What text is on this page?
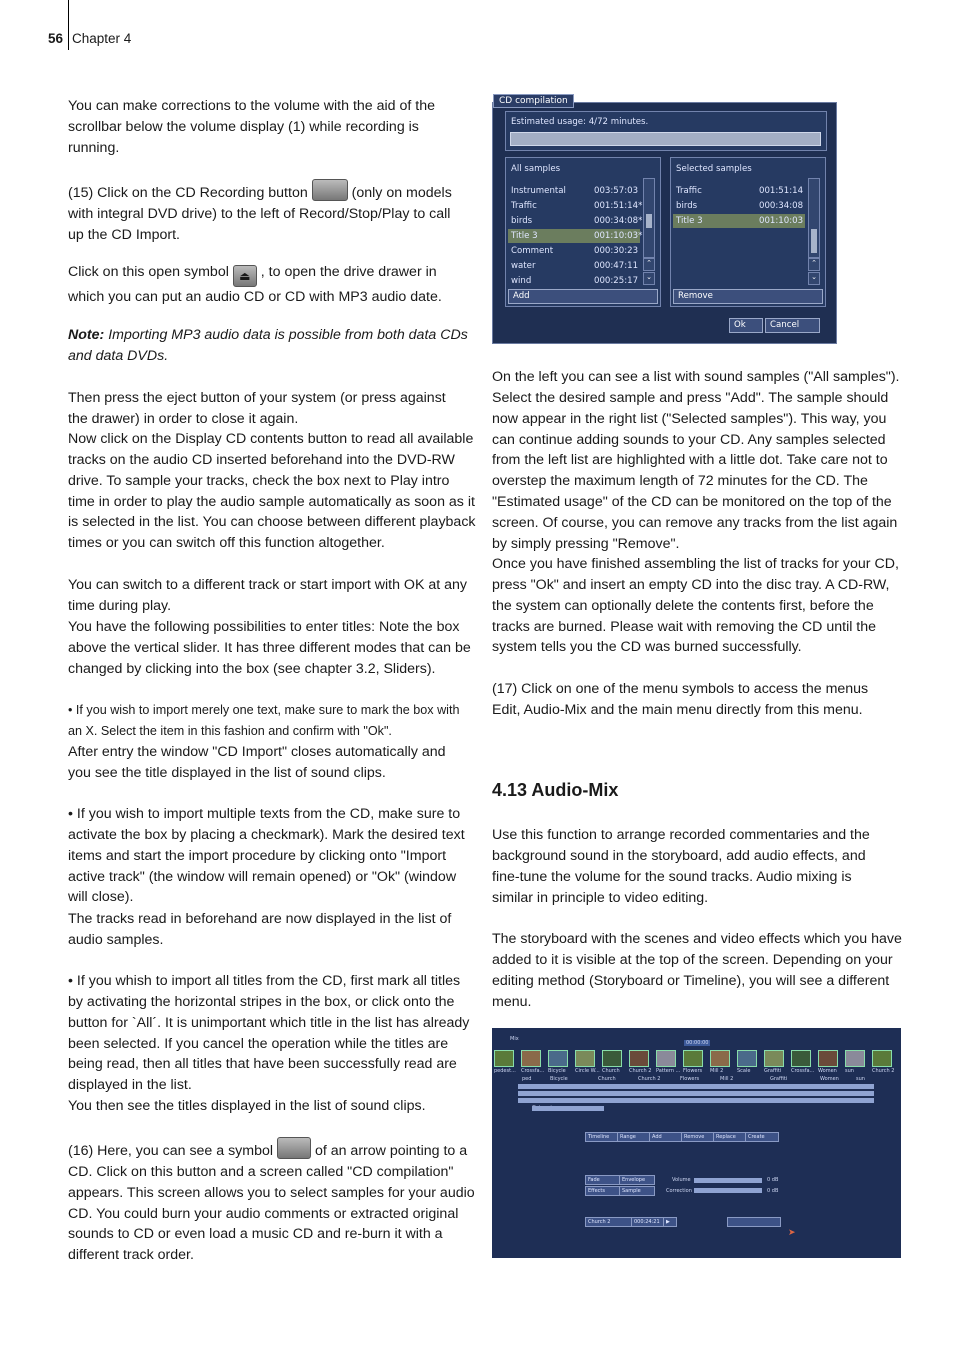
56 Chapter 4

You can make corrections to the volume with the aid of the scrollbar below the volume display (1) while recording is running.

(15) Click on the CD Recording button	(only on models with integral DVD drive) to the left of Record/Stop/Play to call up the CD Import.

Click on this open symbol ⏏ , to open the drive drawer in which you can put an audio CD or CD with MP3 audio date.

Note: Importing MP3 audio data is possible from both data CDs and data DVDs.

Then press the eject button of your system (or press against the drawer) in order to close it again.

Now click on the Display CD contents button to read all available tracks on the audio CD inserted beforehand into the DVD-RW drive. To sample your tracks, check the box next to Play intro time in order to play the audio sample automatically as soon as it is selected in the list. You can choose between different playback times or you can switch off this function altogether.

You can switch to a different track or start import with OK at any time during play.

You have the following possibilities to enter titles: Note the box above the vertical slider. It has three different modes that can be changed by clicking into the box (see chapter 3.2, Sliders).

• If you wish to import merely one text, make sure to mark the box with an X. Select the item in this fashion and confirm with "Ok".

After entry the window "CD Import" closes automatically and you see the title displayed in the list of sound clips.

• If you wish to import multiple texts from the CD, make sure to activate the box by placing a checkmark). Mark the desired text items and start the import procedure by clicking onto "Import active track" (the window will remain opened) or "Ok" (window will close).

The tracks read in beforehand are now displayed in the list of audio samples.

• If you whish to import all titles from the CD, first mark all titles by activating the horizontal stripes in the box, or click onto the button for `All´. It is unimportant which title in the list has already been selected. If you cancel the operation while the titles are being read, then all titles that have been successfully read are displayed in the list.

You then see the titles displayed in the list of sound clips.

(16) Here, you can see a symbol	of an arrow pointing to a CD. Click on this button and a screen called "CD compilation" appears. This screen allows you to select samples for your audio CD. You could burn your audio comments or extracted original sounds to CD or even load a music CD and re-burn it with a different track order.

CD compilation
Estimated usage: 4/72 minutes.
All samples
Instrumental	003:57:03
Traffic	001:51:14*
birds	000:34:08*
Title 3	001:10:03*
Comment	000:30:23
water	000:47:11
wind	000:25:17
⌃
⌄
Add
Selected samples
Traffic	001:51:14
birds	000:34:08
Title 3	001:10:03
⌃
⌄
Remove
Ok	Cancel

On the left you can see a list with sound samples ("All samples"). Select the desired sample and press "Add". The sample should now appear in the right list ("Selected samples"). This way, you can continue adding sounds to your CD. Any samples selected from the left list are highlighted with a little dot. Take care not to overstep the maximum length of 72 minutes for the CD. The "Estimated usage" of the CD can be monitored on the top of the screen. Of course, you can remove any tracks from the list again by simply pressing "Remove".

Once you have finished assembling the list of tracks for your CD, press "Ok" and insert an empty CD into the disc tray. A CD-RW, the system can optionally delete the contents first, before the tracks are burned. Please wait with removing the CD until the system tells you the CD was burned successfully.

(17) Click on one of the menu symbols to access the menus Edit, Audio-Mix and the main menu directly from this menu.

4.13 Audio-Mix

Use this function to arrange recorded commentaries and the background sound in the storyboard, add audio effects, and fine-tune the volume for the sound tracks. Audio mixing is similar in principle to video editing.

The storyboard with the scenes and video effects which you have added to it is visible at the top of the screen. Depending on your editing method (Storyboard or Timeline), you will see a different menu.

Mix
00:00:00
pedest... Crossfa... Bicycle Circle W... Church Church 2 Pattern ... Flowers Mill 2	Scale	Graffiti Crossfa... Women sun	Church 2
ped	Bicycle	Church	Church 2	Flowers	Mill 2	Graffiti	Women	sun
Timeline	Range	Add	Remove	Replace	Create
Fade	Envelope
Effects	Sample
Volume
Correction
0 dB
0 dB
Church 2	000:24:21	▶
➤
